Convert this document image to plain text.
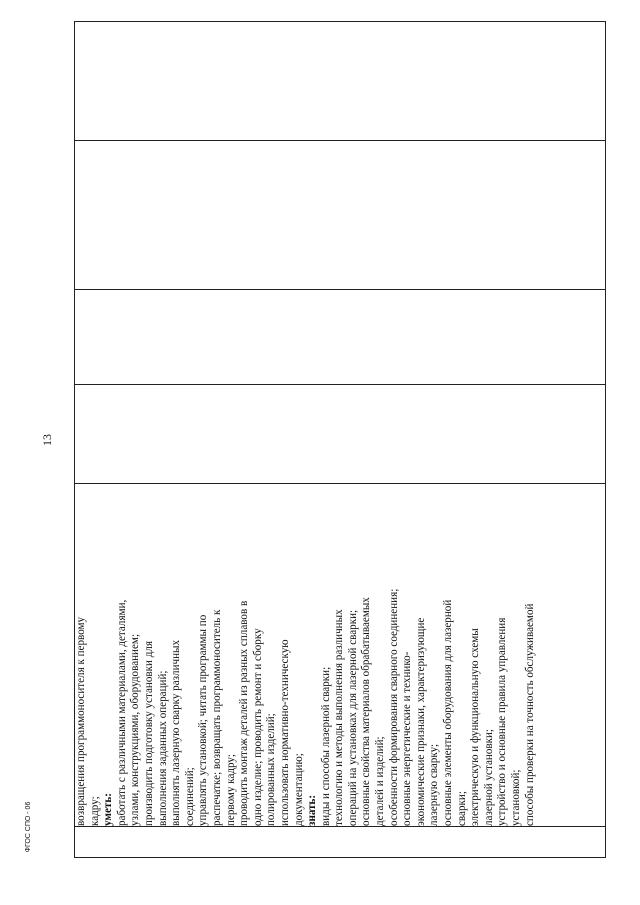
13
ФГОС СПО - 06

возвращения программоносителя к первому кадру; уметь: работать с различными материалами, деталями, узлами, конструкциями, оборудованием; производить подготовку установки для выполнения заданных операций; выполнять лазерную сварку различных соединений; управлять установкой; читать программы по распечатке; возвращать программоноситель к первому кадру; проводить монтаж деталей из разных сплавов в одно изделие; проводить ремонт и сборку полированных изделий; использовать нормативно-техническую документацию; знать: виды и способы лазерной сварки; технологию и методы выполнения различных операций на установках для лазерной сварки; основные свойства материалов обрабатываемых деталей и изделий; особенности формирования сварного соединения; основные энергетические и технико- экономические признаки, характеризующие лазерную сварку; основные элементы оборудования для лазерной сварки; электрическую и функциональную схемы лазерной установки; устройство и основные правила управления установкой; способы проверки на точность обслуживаемой
